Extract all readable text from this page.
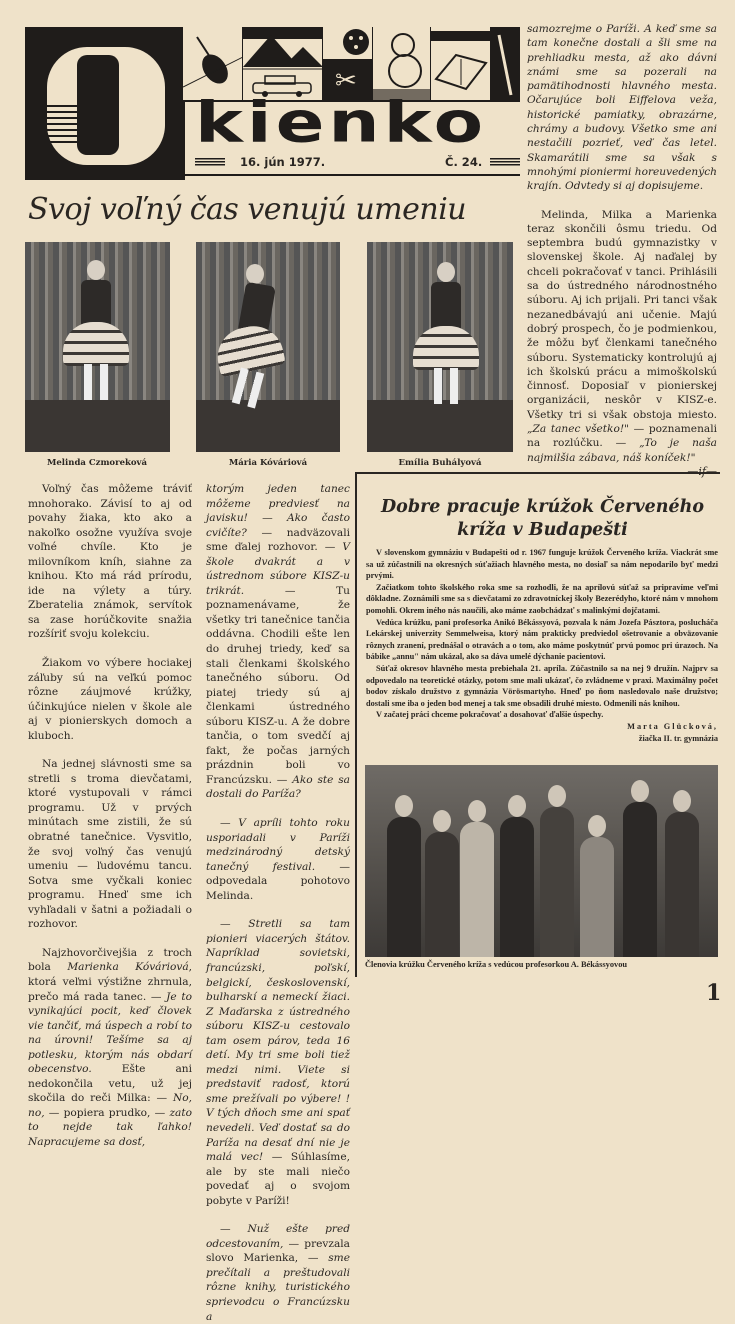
✂
kienko
16. jún 1977.	Č. 24.
Svoj voľný čas venujú umeniu
Melinda Czmoreková	Mária Kóváriová	Emília Buhályová

samozrejme o Paríži. A keď sme sa tam konečne dostali a šli sme na prehliadku mesta, až ako dávni známi sme sa pozerali na pamätihodnosti hlavného mesta. Očarujúce boli Eiffelova veža, historické pamiatky, obrazárne, chrámy a budovy. Všetko sme ani nestačili pozrieť, veď čas letel. Skamarátili sme sa však s mnohými pioniermi horeuvedených krajín. Odvtedy si aj dopisujeme.

Melinda, Milka a Marienka teraz skončili ôsmu triedu. Od septembra budú gymnazistky v slovenskej škole. Aj naďalej by chceli pokračovať v tanci. Prihlásili sa do ústredného národnostného súboru. Aj ich prijali. Pri tanci však nezanedbávajú ani učenie. Majú dobrý prospech, čo je podmienkou, že môžu byť členkami tanečného súboru. Systematicky kontrolujú aj ich školskú prácu a mimoškolskú činnosť. Doposiaľ v pionierskej organizácii, neskôr v KISZ-e. Všetky tri si však obstoja miesto. „Za tanec všetko!" — poznamenali na rozlúčku. — „To je naša najmilšia zábava, náš koníček!"

Voľný čas môžeme tráviť mnohorako. Závisí to aj od povahy žiaka, kto ako a nakoľko osožne využíva svoje voľné chvíle. Kto je milovníkom kníh, siahne za knihou. Kto má rád prírodu, ide na výlety a túry. Zberatelia známok, servítok sa zase horúčkovite snažia rozšíriť svoju kolekciu.

Žiakom vo výbere hociakej záľuby sú na veľkú pomoc rôzne záujmové krúžky, účinkujúce nielen v škole ale aj v pionierskych domoch a kluboch.

Na jednej slávnosti sme sa stretli s troma dievčatami, ktoré vystupovali v rámci programu. Už v prvých minútach sme zistili, že sú obratné tanečnice. Vysvitlo, že svoj voľný čas venujú umeniu — ľudovému tancu. Sotva sme vyčkali koniec programu. Hneď sme ich vyhľadali v šatni a požiadali o rozhovor.

Najzhovorčivejšia z troch bola Marienka Kóváriová, ktorá veľmi výstižne zhrnula, prečo má rada tanec. — Je to vynikajúci pocit, keď človek vie tančiť, má úspech a robí to na úrovni! Tešíme sa aj potlesku, ktorým nás obdarí obecenstvo. Ešte ani nedokončila vetu, už jej skočila do reči Milka: — No, no, — popiera prudko, — zato to nejde tak ľahko! Napracujeme sa dosť,

ktorým jeden tanec môžeme predviesť na javisku! — Ako často cvičíte? — nadväzovali sme ďalej rozhovor. — V škole dvakrát a v ústrednom súbore KISZ-u trikrát. — Tu poznamenávame, že všetky tri tanečnice tančia oddávna. Chodili ešte len do druhej triedy, keď sa stali členkami školského tanečného súboru. Od piatej triedy sú aj členkami ústredného súboru KISZ-u. A že dobre tančia, o tom svedčí aj fakt, že počas jarných prázdnin boli vo Francúzsku. — Ako ste sa dostali do Paríža?

— V apríli tohto roku usporiadali v Paríži medzinárodný detský tanečný festival. — odpovedala pohotovo Melinda.

— Stretli sa tam pionieri viacerých štátov. Napríklad sovietski, francúzski, poľskí, belgickí, československí, bulharskí a nemeckí žiaci. Z Maďarska z ústredného súboru KISZ-u cestovalo tam osem párov, teda 16 detí. My tri sme boli tiež medzi nimi. Viete si predstaviť radosť, ktorú sme prežívali po výbere! ! V tých dňoch sme ani spať nevedeli. Veď dostať sa do Paríža na desať dní nie je malá vec! — Súhlasíme, ale by ste mali niečo povedať aj o svojom pobyte v Paríži!

— Nuž ešte pred odcestovaním, — prevzala slovo Marienka, — sme prečítali a preštudovali rôzne knihy, turistického sprievodcu o Francúzsku a

Dobre pracuje krúžok Červeného kríža v Budapešti

V slovenskom gymnáziu v Budapešti od r. 1967 funguje krúžok Červeného kríža. Viackrát sme sa už zúčastnili na okresných súťažiach hlavného mesta, no dosiaľ sa nám nepodarilo byť medzi prvými.

Začiatkom tohto školského roka sme sa rozhodli, že na aprílovú súťaž sa pripravíme veľmi dôkladne. Zoznámili sme sa s dievčatami zo zdravotníckej školy Bezerédyho, ktoré nám v mnohom pomohli. Okrem iného nás naučili, ako máme zaobchádzať s malinkými dojčatami.

Vedúca krúžku, pani profesorka Anikó Békássyová, pozvala k nám Jozefa Pásztora, poslucháča Lekárskej univerzity Semmelweisa, ktorý nám prakticky predviedol ošetrovanie a obväzovanie rôznych zranení, prednášal o otravách a o tom, ako máme poskytnúť prvú pomoc pri úrazoch. Na bábike „annu" nám ukázal, ako sa dáva umelé dýchanie pacientovi.

Súťaž okresov hlavného mesta prebiehala 21. apríla. Zúčastnilo sa na nej 9 družín. Najprv sa odpovedalo na teoretické otázky, potom sme mali ukázať, čo zvládneme v praxi. Maximálny počet bodov získalo družstvo z gymnázia Vörösmartyho. Hneď po ňom nasledovalo naše družstvo; dostali sme iba o jeden bod menej a tak sme obsadili druhé miesto. Odmenili nás knihou.

V začatej práci chceme pokračovať a dosahovať ďalšie úspechy.

Marta Glücková,
žiačka II. tr. gymnázia
Členovia krúžku Červeného kríža s vedúcou profesorkou A. Békássyovou
1
